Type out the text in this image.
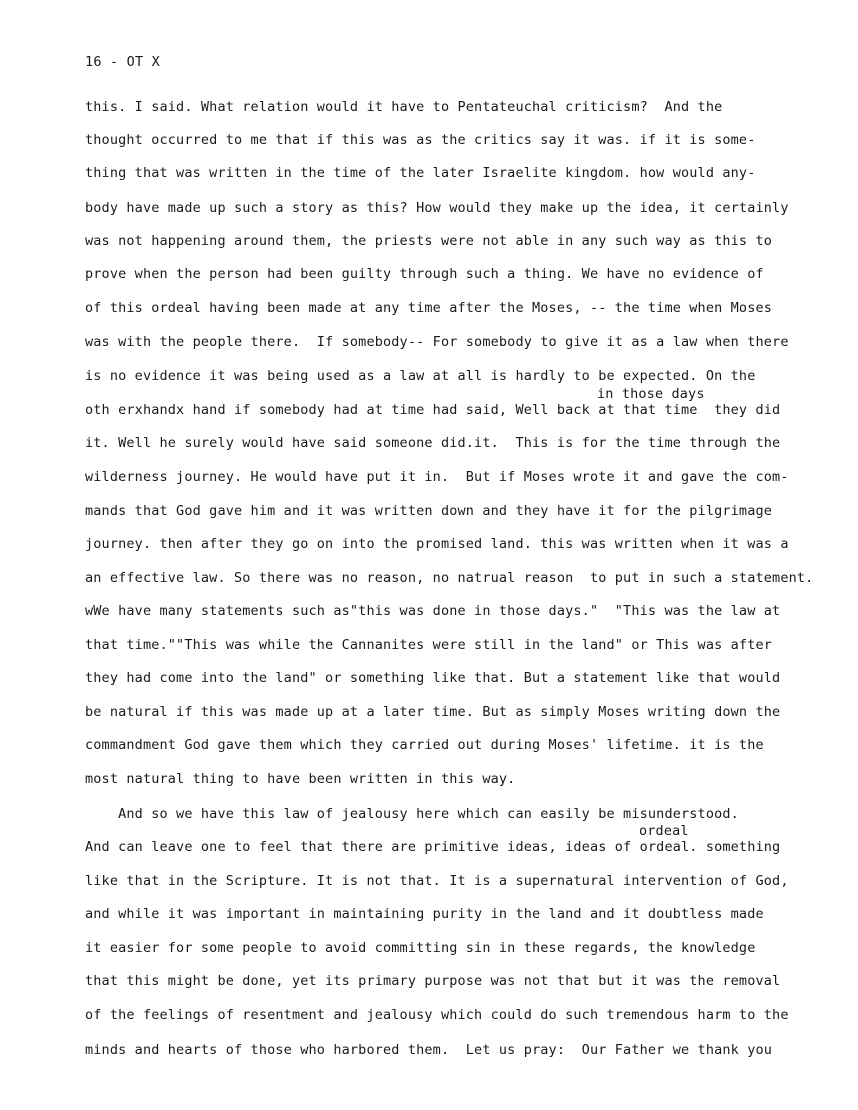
16 - OT X
this. I said. What relation would it have to Pentateuchal criticism?  And the
thought occurred to me that if this was as the critics say it was. if it is some-
thing that was written in the time of the later Israelite kingdom. how would any-
body have made up such a story as this? How would they make up the idea, it certainly
was not happening around them, the priests were not able in any such way as this to
prove when the person had been guilty through such a thing. We have no evidence of
of this ordeal having been made at any time after the Moses, -- the time when Moses
was with the people there.  If somebody-- For somebody to give it as a law when there
is no evidence it was being used as a law at all is hardly to be expected. On the
in those days
oth erxhandx hand if somebody had at time had said, Well back at that time  they did
it. Well he surely would have said someone did.it.  This is for the time through the
wilderness journey. He would have put it in.  But if Moses wrote it and gave the com-
mands that God gave him and it was written down and they have it for the pilgrimage
journey. then after they go on into the promised land. this was written when it was a
an effective law. So there was no reason, no natrual reason  to put in such a statement.
wWe have many statements such as"this was done in those days."  "This was the law at
that time.""This was while the Cannanites were still in the land" or This was after
they had come into the land" or something like that. But a statement like that would
be natural if this was made up at a later time. But as simply Moses writing down the
commandment God gave them which they carried out during Moses' lifetime. it is the
most natural thing to have been written in this way.
And so we have this law of jealousy here which can easily be misunderstood.
ordeal
And can leave one to feel that there are primitive ideas, ideas of ordeal. something
like that in the Scripture. It is not that. It is a supernatural intervention of God,
and while it was important in maintaining purity in the land and it doubtless made
it easier for some people to avoid committing sin in these regards, the knowledge
that this might be done, yet its primary purpose was not that but it was the removal
of the feelings of resentment and jealousy which could do such tremendous harm to the
minds and hearts of those who harbored them.  Let us pray:  Our Father we thank you
